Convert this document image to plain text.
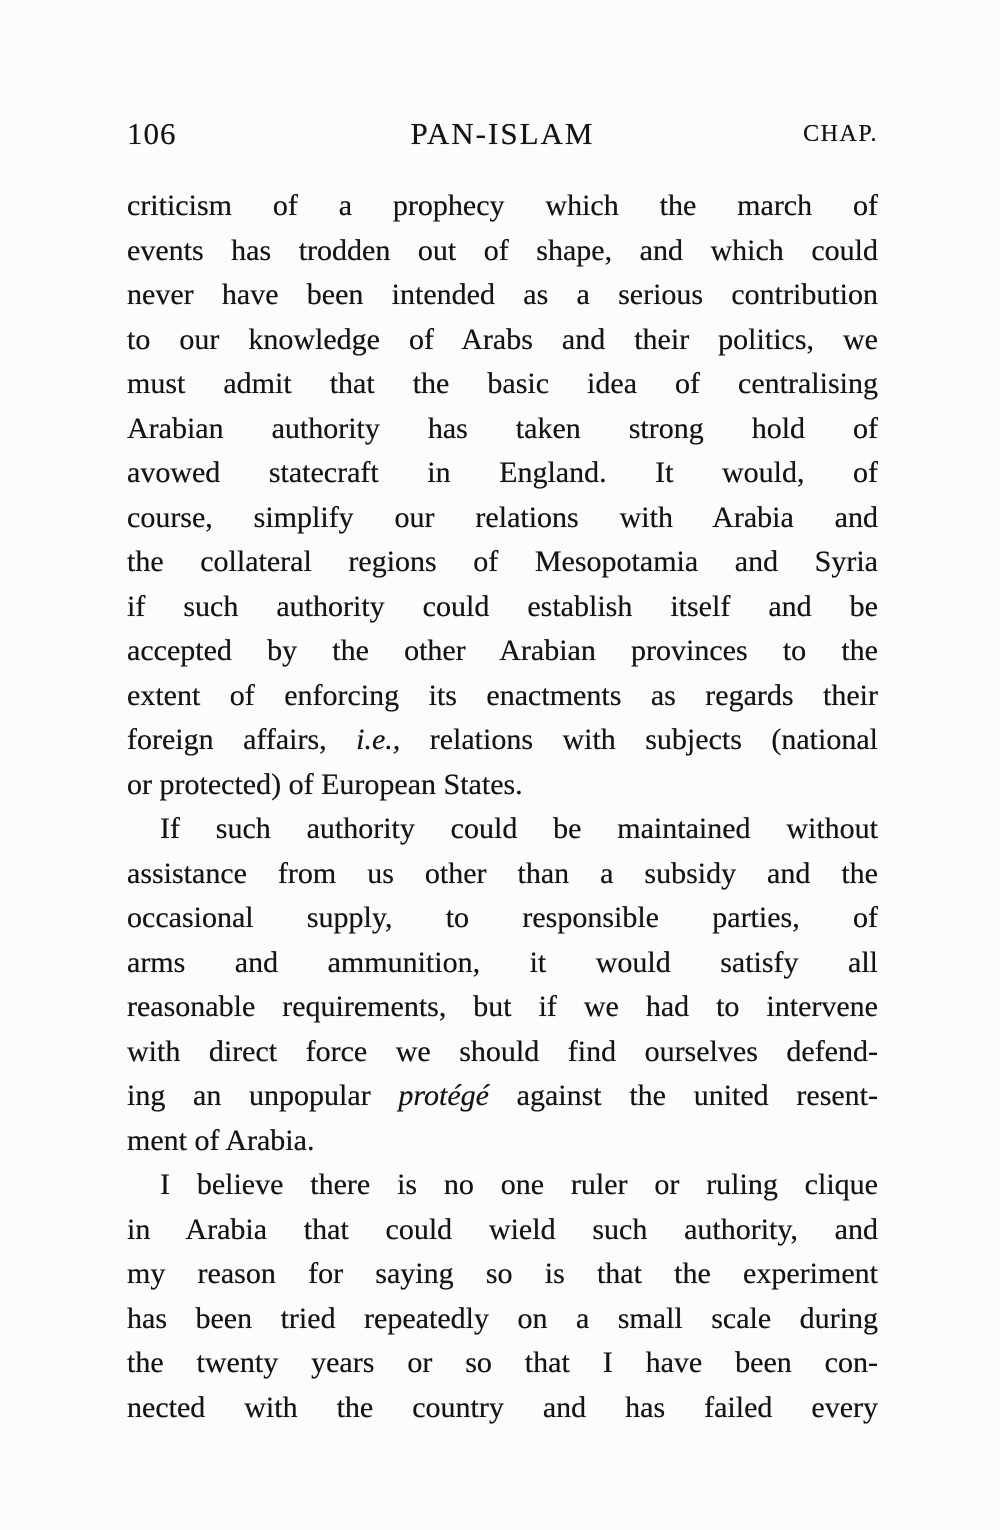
106	PAN-ISLAM	CHAP.
criticism of a prophecy which the march of
events has trodden out of shape, and which could
never have been intended as a serious contribution
to our knowledge of Arabs and their politics, we
must admit that the basic idea of centralising
Arabian authority has taken strong hold of
avowed statecraft in England. It would, of
course, simplify our relations with Arabia and
the collateral regions of Mesopotamia and Syria
if such authority could establish itself and be
accepted by the other Arabian provinces to the
extent of enforcing its enactments as regards their
foreign affairs, i.e., relations with subjects (national
or protected) of European States.
If such authority could be maintained without
assistance from us other than a subsidy and the
occasional supply, to responsible parties, of
arms and ammunition, it would satisfy all
reasonable requirements, but if we had to intervene
with direct force we should find ourselves defend-
ing an unpopular protégé against the united resent-
ment of Arabia.
I believe there is no one ruler or ruling clique
in Arabia that could wield such authority, and
my reason for saying so is that the experiment
has been tried repeatedly on a small scale during
the twenty years or so that I have been con-
nected with the country and has failed every
